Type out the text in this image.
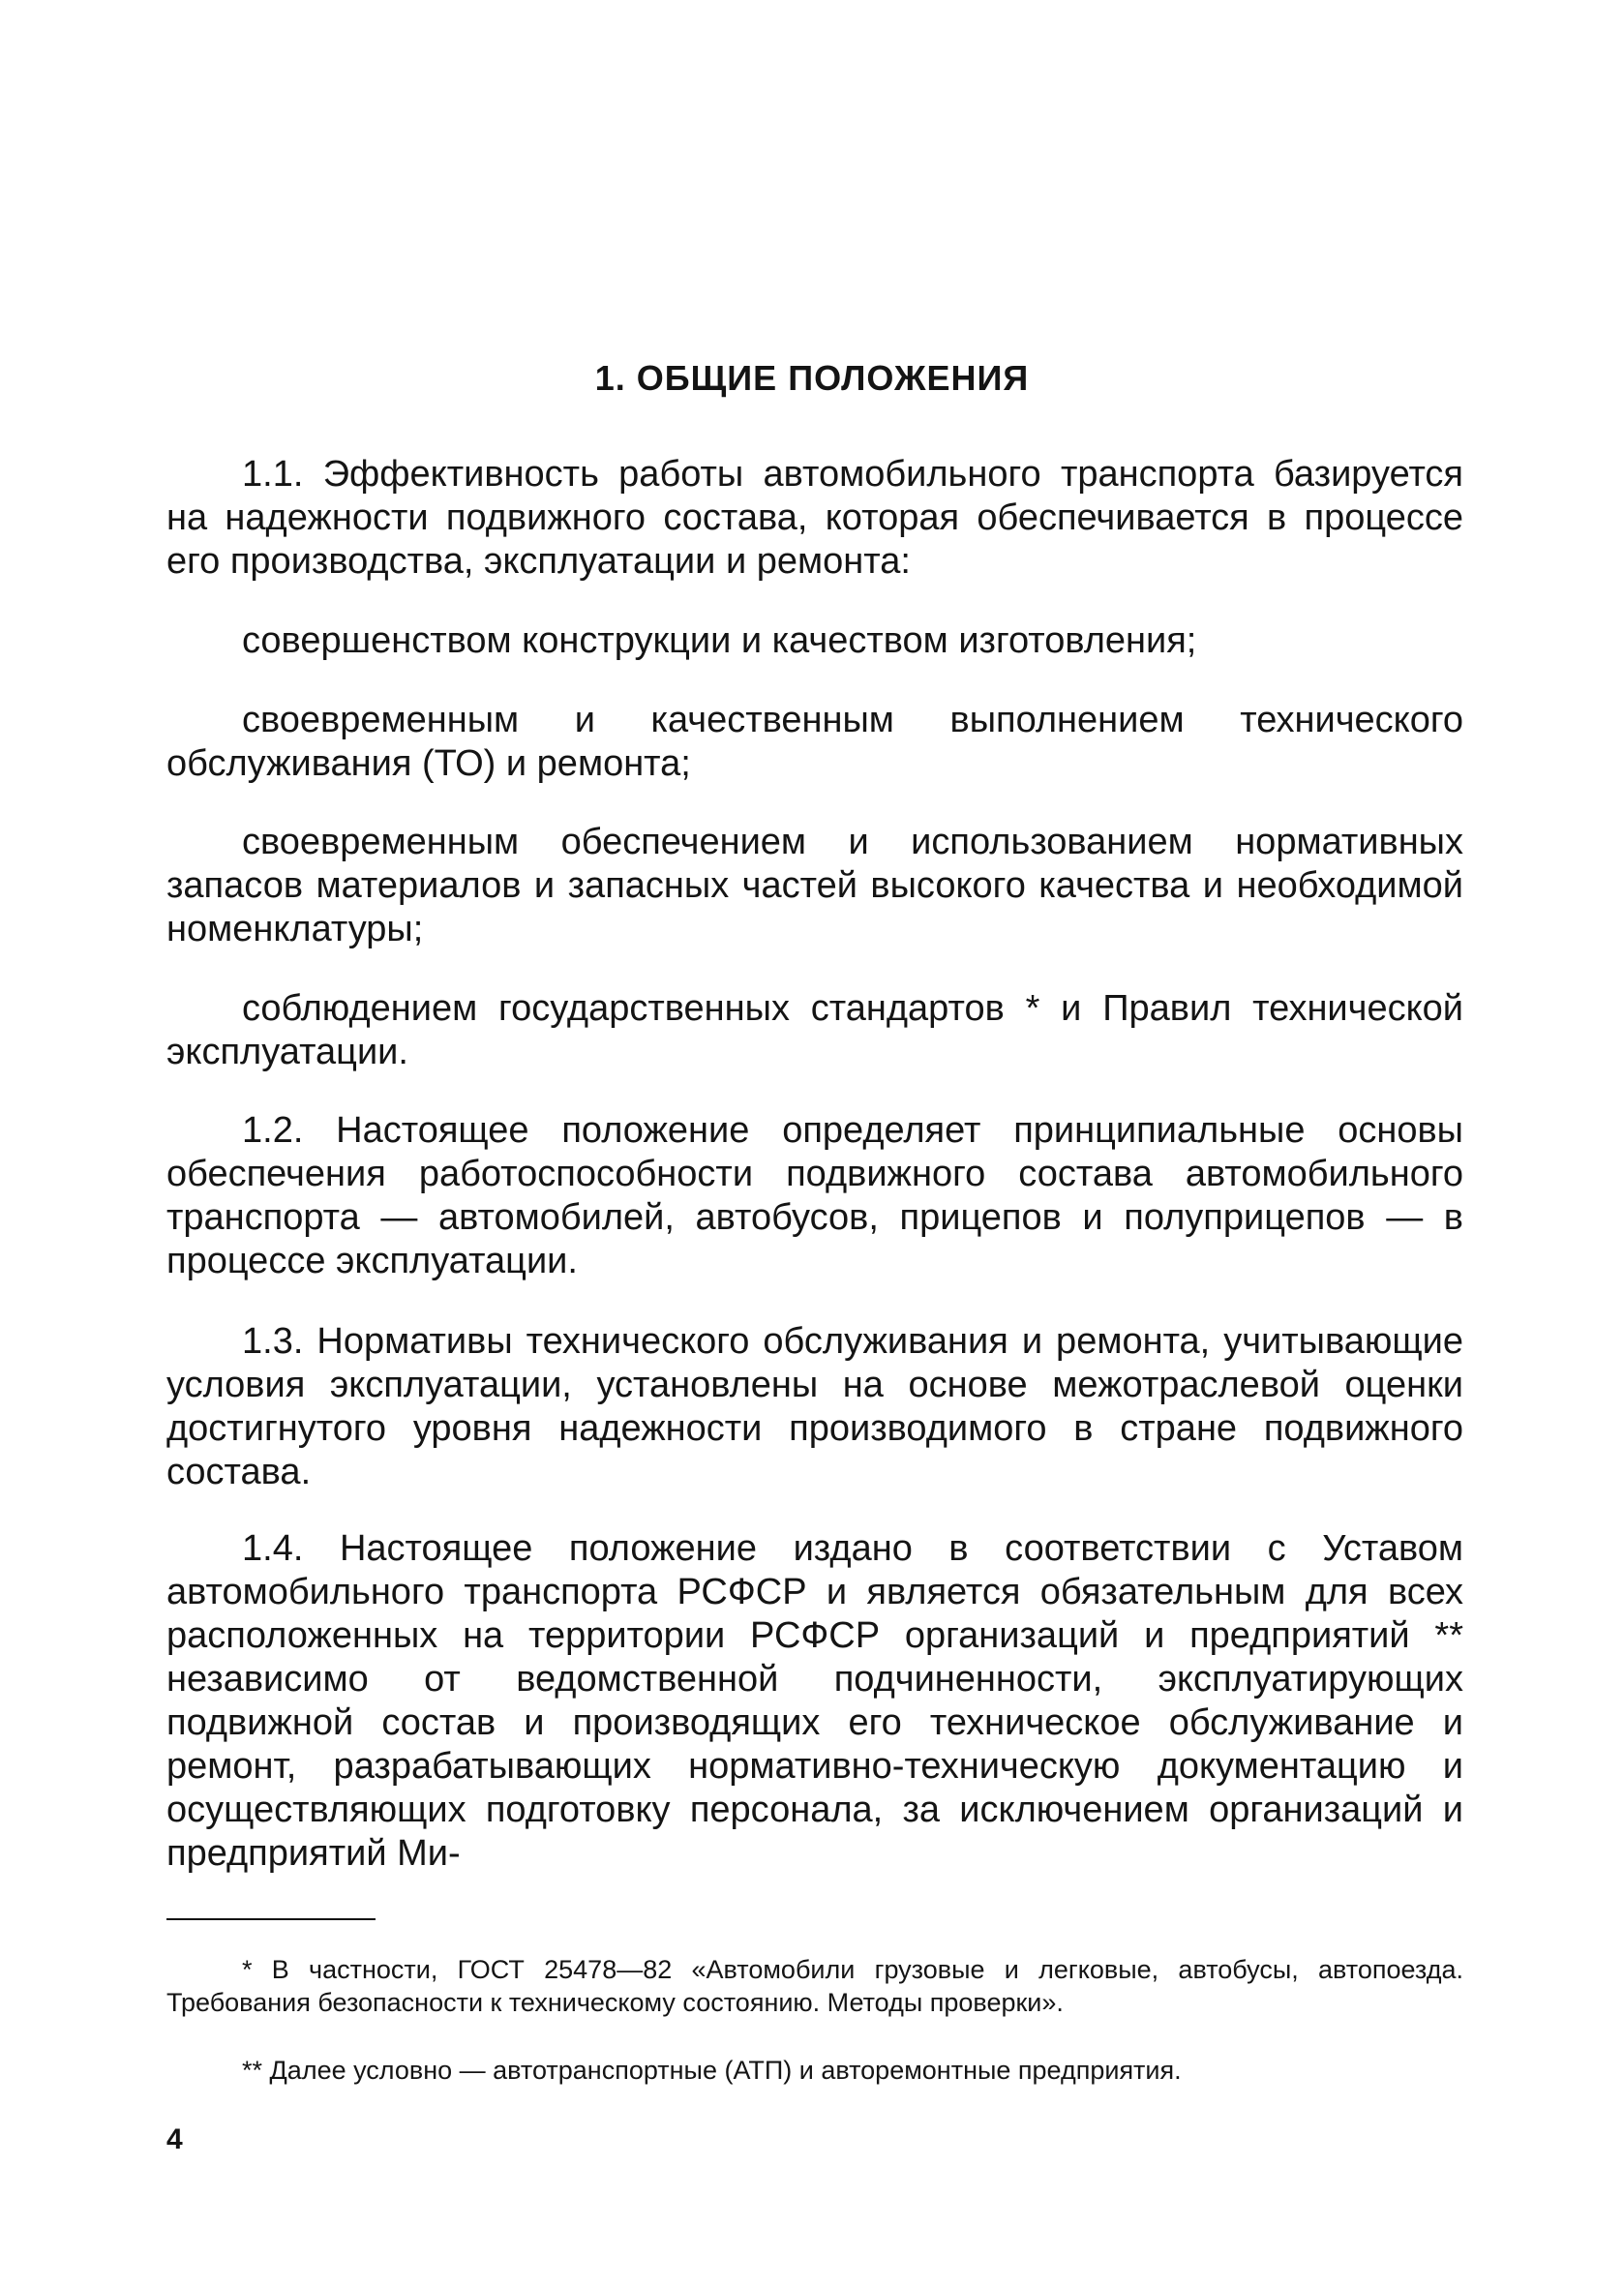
1. ОБЩИЕ ПОЛОЖЕНИЯ

1.1. Эффективность работы автомобильного транспорта базируется на надежности подвижного состава, которая обеспечивается в процессе его производства, эксплуатации и ремонта:

совершенством конструкции и качеством изготовления;

своевременным и качественным выполнением технического обслуживания (ТО) и ремонта;

своевременным обеспечением и использованием нормативных запасов материалов и запасных частей высокого качества и необходимой номенклатуры;

соблюдением государственных стандартов * и Правил технической эксплуатации.

1.2. Настоящее положение определяет принципиальные основы обеспечения работоспособности подвижного состава автомобильного транспорта — автомобилей, автобусов, прицепов и полуприцепов — в процессе эксплуатации.

1.3. Нормативы технического обслуживания и ремонта, учитывающие условия эксплуатации, установлены на основе межотраслевой оценки достигнутого уровня надежности производимого в стране подвижного состава.

1.4. Настоящее положение издано в соответствии с Уставом автомобильного транспорта РСФСР и является обязательным для всех расположенных на территории РСФСР организаций и предприятий ** независимо от ведомственной подчиненности, эксплуатирующих подвижной состав и производящих его техническое обслуживание и ремонт, разрабатывающих нормативно-техническую документацию и осуществляющих подготовку персонала, за исключением организаций и предприятий Ми-

* В частности, ГОСТ 25478—82 «Автомобили грузовые и легковые, автобусы, автопоезда. Требования безопасности к техническому состоянию. Методы проверки».

** Далее условно — автотранспортные (АТП) и авторемонтные предприятия.

4
